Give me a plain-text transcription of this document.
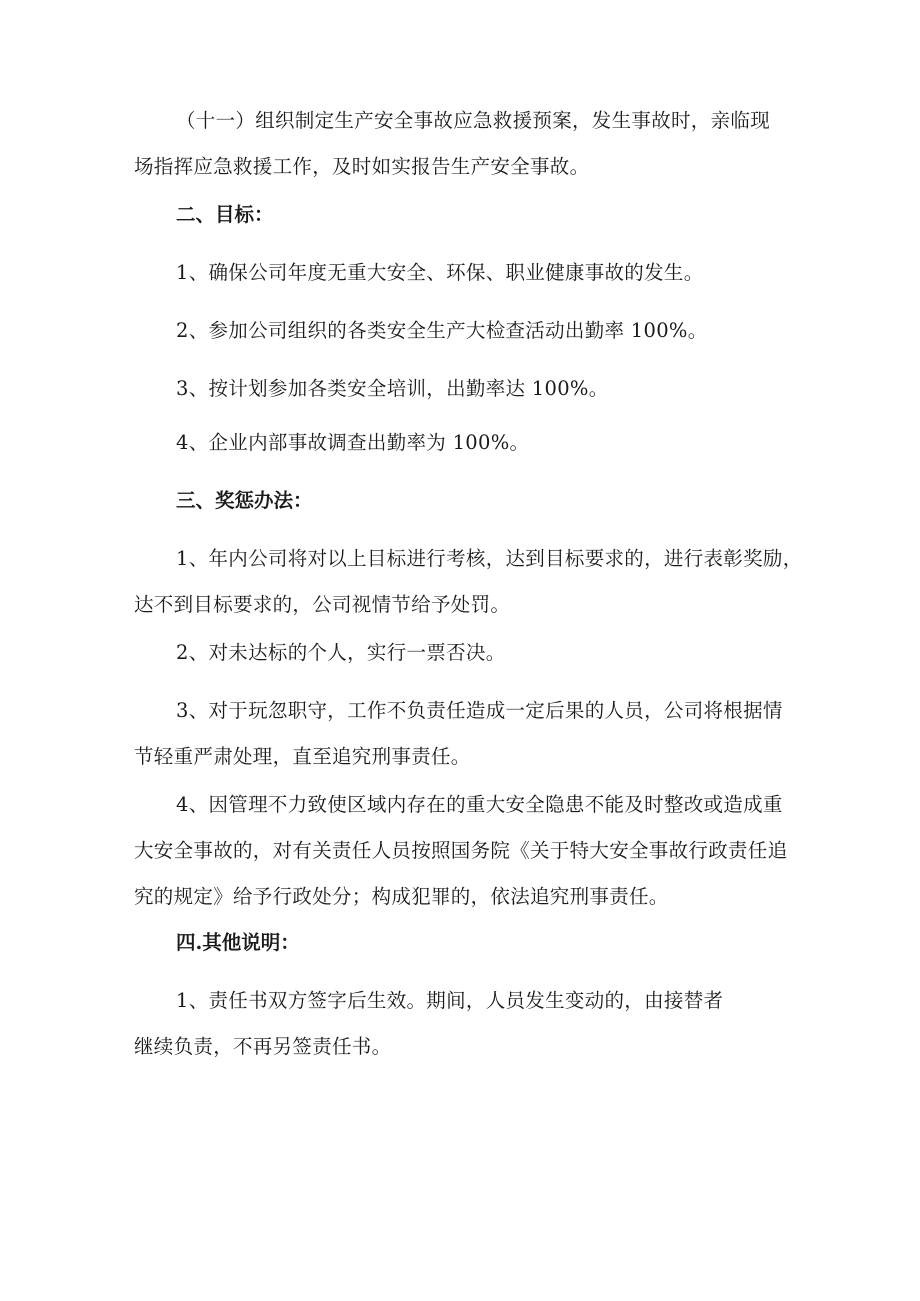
（十一）组织制定生产安全事故应急救援预案，发生事故时，亲临现
场指挥应急救援工作，及时如实报告生产安全事故。

二、目标：

1、确保公司年度无重大安全、环保、职业健康事故的发生。

2、参加公司组织的各类安全生产大检查活动出勤率 100%。

3、按计划参加各类安全培训，出勤率达 100%。

4、企业内部事故调查出勤率为 100%。

三、奖惩办法：

1、年内公司将对以上目标进行考核，达到目标要求的，进行表彰奖励，
达不到目标要求的，公司视情节给予处罚。

2、对未达标的个人，实行一票否决。

3、对于玩忽职守，工作不负责任造成一定后果的人员，公司将根据情
节轻重严肃处理，直至追究刑事责任。

4、因管理不力致使区域内存在的重大安全隐患不能及时整改或造成重
大安全事故的，对有关责任人员按照国务院《关于特大安全事故行政责任追
究的规定》给予行政处分；构成犯罪的，依法追究刑事责任。

四.其他说明：

1、责任书双方签字后生效。期间，人员发生变动的，由接替者
继续负责，不再另签责任书。
